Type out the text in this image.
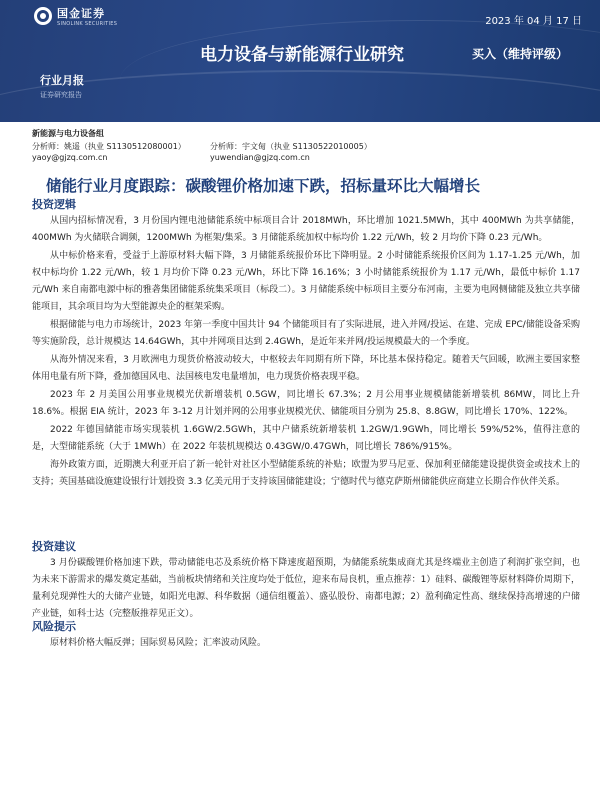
国金证券
SINOLINK SECURITIES	2023 年 04 月 17 日
电力设备与新能源行业研究	买入（维持评级）
行业月报
证券研究报告
新能源与电力设备组

分析师：姚遥（执业 S1130512080001）

yaoy@gjzq.com.cn

分析师：宇文甸（执业 S1130522010005）

yuwendian@gjzq.com.cn

储能行业月度跟踪：碳酸锂价格加速下跌，招标量环比大幅增长
投资逻辑

从国内招标情况看，3 月份国内锂电池储能系统中标项目合计 2018MWh，环比增加 1021.5MWh，其中 400MWh 为共享储能，400MWh 为火储联合调频，1200MWh 为框架/集采。3 月储能系统加权中标均价 1.22 元/Wh，较 2 月均价下降 0.23 元/Wh。

从中标价格来看，受益于上游原材料大幅下降，3 月储能系统报价环比下降明显。2 小时储能系统报价区间为 1.17-1.25 元/Wh，加权中标均价 1.22 元/Wh，较 1 月均价下降 0.23 元/Wh，环比下降 16.16%；3 小时储能系统报价为 1.17 元/Wh，最低中标价 1.17 元/Wh 来自南都电源中标的雅砻集团储能系统集采项目（标段二）。3 月储能系统中标项目主要分布河南，主要为电网侧储能及独立共享储能项目，其余项目均为大型能源央企的框架采购。

根据储能与电力市场统计，2023 年第一季度中国共计 94 个储能项目有了实际进展，进入并网/投运、在建、完成 EPC/储能设备采购等实施阶段，总计规模达 14.64GWh，其中并网项目达到 2.4GWh，是近年来并网/投运规模最大的一个季度。

从海外情况来看，3 月欧洲电力现货价格波动较大，中枢较去年同期有所下降，环比基本保持稳定。随着天气回暖，欧洲主要国家整体用电量有所下降，叠加德国风电、法国核电发电量增加，电力现货价格表现平稳。

2023 年 2 月美国公用事业规模光伏新增装机 0.5GW，同比增长 67.3%；2 月公用事业规模储能新增装机 86MW，同比上升 18.6%。根据 EIA 统计，2023 年 3-12 月计划并网的公用事业规模光伏、储能项目分别为 25.8、8.8GW，同比增长 170%、122%。

2022 年德国储能市场实现装机 1.6GW/2.5GWh，其中户储系统新增装机 1.2GW/1.9GWh，同比增长 59%/52%，值得注意的是，大型储能系统（大于 1MWh）在 2022 年装机规模达 0.43GW/0.47GWh，同比增长 786%/915%。

海外政策方面，近期澳大利亚开启了新一轮针对社区小型储能系统的补贴；欧盟为罗马尼亚、保加利亚储能建设提供资金或技术上的支持；英国基础设施建设银行计划投资 3.3 亿美元用于支持该国储能建设；宁德时代与德克萨斯州储能供应商建立长期合作伙伴关系。

投资建议

3 月份碳酸锂价格加速下跌，带动储能电芯及系统价格下降速度超预期，为储能系统集成商尤其是终端业主创造了利润扩张空间，也为未来下游需求的爆发奠定基础，当前板块情绪和关注度均处于低位，迎来布局良机，重点推荐：1）硅料、碳酸锂等原材料降价周期下，量利兑现弹性大的大储产业链，如阳光电源、科华数据（通信组覆盖）、盛弘股份、南都电源；2）盈利确定性高、继续保持高增速的户储产业链，如科士达（完整版推荐见正文）。

风险提示

原材料价格大幅反弹；国际贸易风险；汇率波动风险。
